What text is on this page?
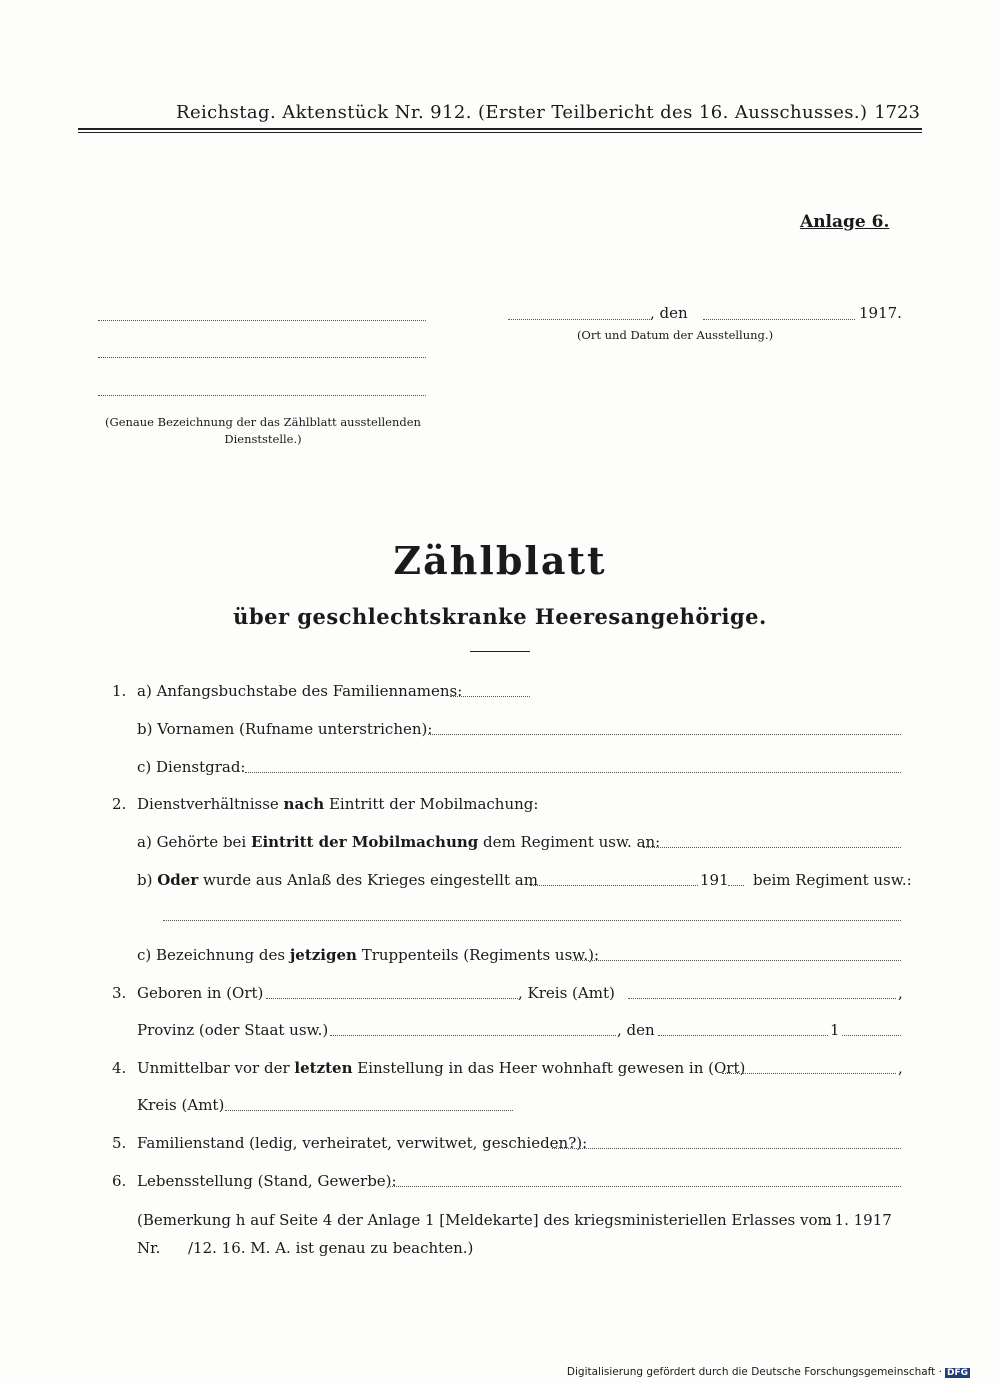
Reichstag. Aktenstück Nr. 912. (Erster Teilbericht des 16. Ausschusses.) 1723
Anlage 6.
(Genaue Bezeichnung der das Zählblatt ausstellenden Dienststelle.)
, den	1917.
(Ort und Datum der Ausstellung.)
Zählblatt
über geschlechtskranke Heeresangehörige.
1. a) Anfangsbuchstabe des Familiennamens:
b) Vornamen (Rufname unterstrichen):
c) Dienstgrad:
2. Dienstverhältnisse nach Eintritt der Mobilmachung:
a) Gehörte bei Eintritt der Mobilmachung dem Regiment usw. an:
b) Oder wurde aus Anlaß des Krieges eingestellt am	191 beim Regiment usw.:
c) Bezeichnung des jetzigen Truppenteils (Regiments usw.):
3. Geboren in (Ort)	, Kreis (Amt)	,
Provinz (oder Staat usw.)	, den	1
4. Unmittelbar vor der letzten Einstellung in das Heer wohnhaft gewesen in (Ort)	,
Kreis (Amt)
5. Familienstand (ledig, verheiratet, verwitwet, geschieden?):
6. Lebensstellung (Stand, Gewerbe):
(Bemerkung h auf Seite 4 der Anlage 1 [Meldekarte] des kriegsministeriellen Erlasses vom
. 1. 1917
Nr. /12. 16. M. A. ist genau zu beachten.)
Digitalisierung gefördert durch die Deutsche Forschungsgemeinschaft · DFG
